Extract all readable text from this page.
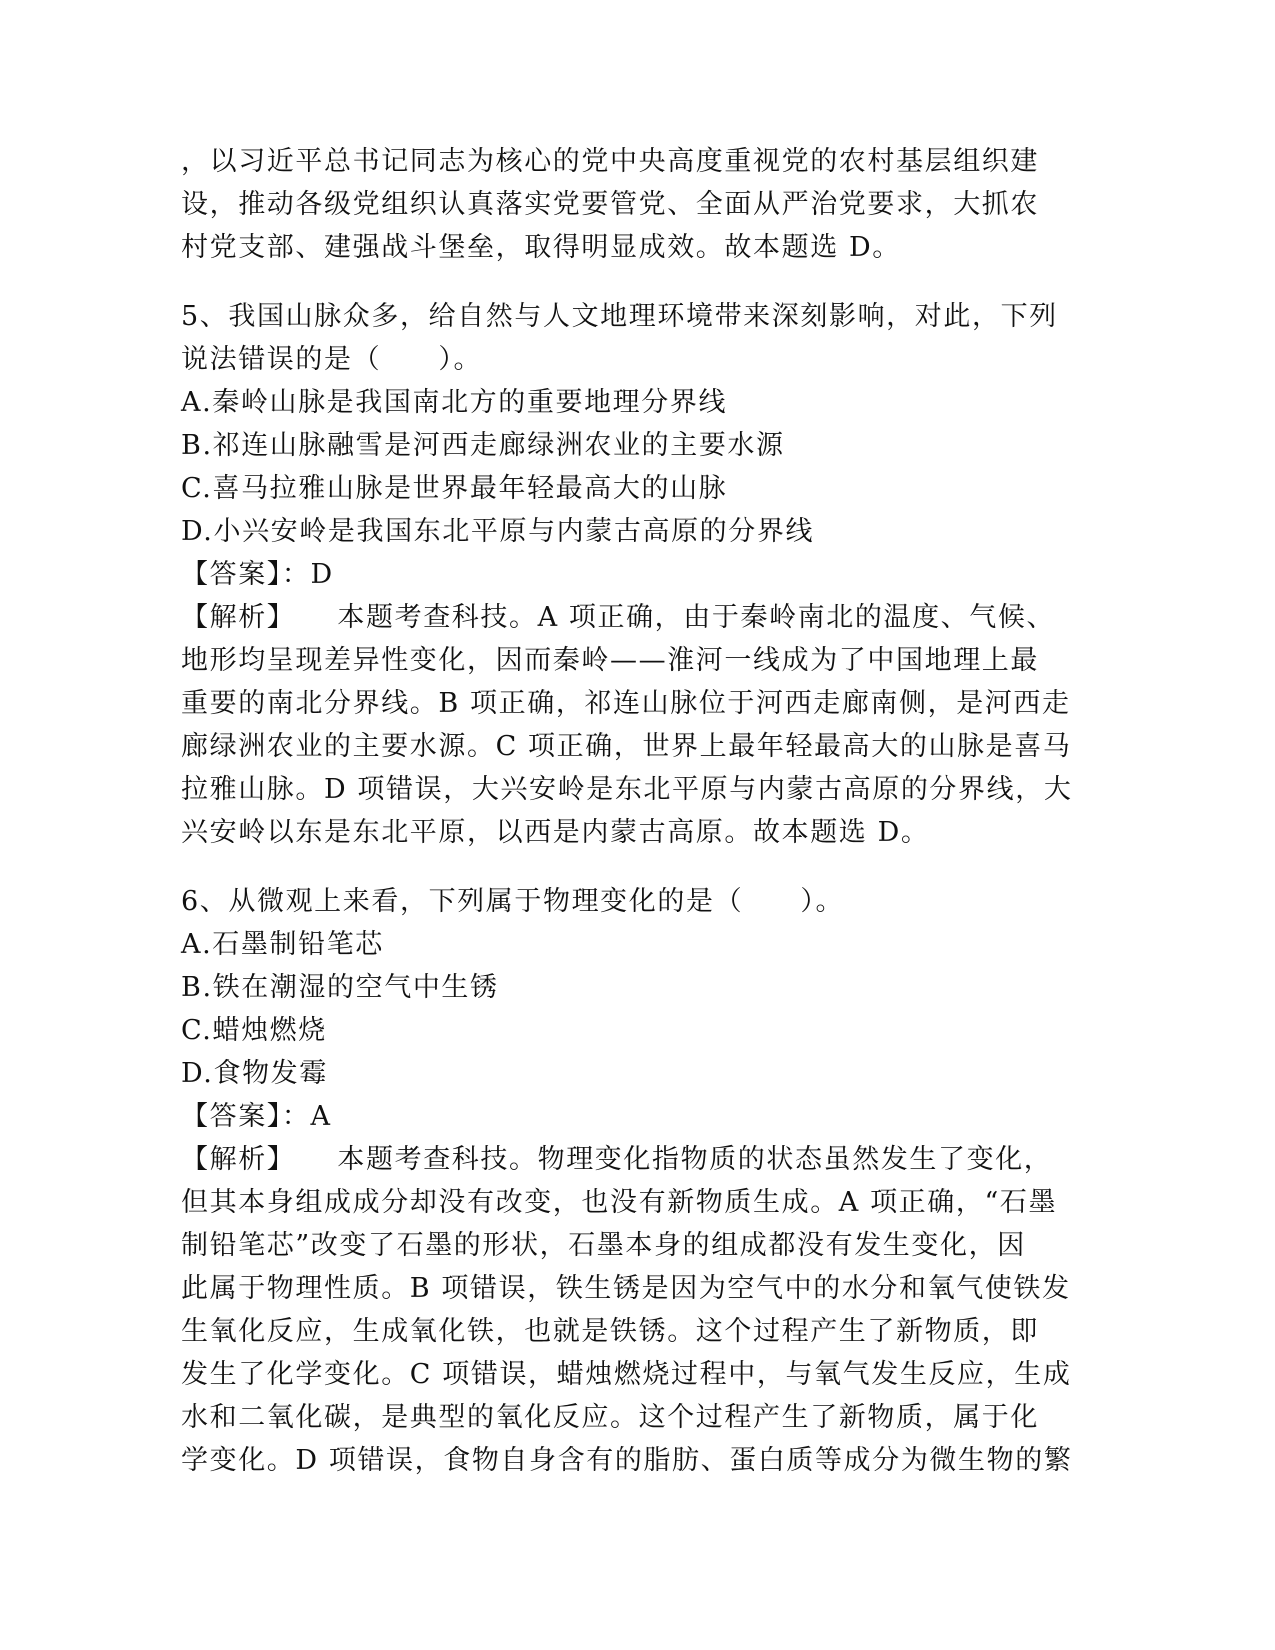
，以习近平总书记同志为核心的党中央高度重视党的农村基层组织建
设，推动各级党组织认真落实党要管党、全面从严治党要求，大抓农
村党支部、建强战斗堡垒，取得明显成效。故本题选 D。
5、我国山脉众多，给自然与人文地理环境带来深刻影响，对此，下列
说法错误的是（　　）。
A.秦岭山脉是我国南北方的重要地理分界线
B.祁连山脉融雪是河西走廊绿洲农业的主要水源
C.喜马拉雅山脉是世界最年轻最高大的山脉
D.小兴安岭是我国东北平原与内蒙古高原的分界线
【答案】：D
【解析】 本题考查科技。A 项正确，由于秦岭南北的温度、气候、
地形均呈现差异性变化，因而秦岭——淮河一线成为了中国地理上最
重要的南北分界线。B 项正确，祁连山脉位于河西走廊南侧，是河西走
廊绿洲农业的主要水源。C 项正确，世界上最年轻最高大的山脉是喜马
拉雅山脉。D 项错误，大兴安岭是东北平原与内蒙古高原的分界线，大
兴安岭以东是东北平原，以西是内蒙古高原。故本题选 D。
6、从微观上来看，下列属于物理变化的是（　　）。
A.石墨制铅笔芯
B.铁在潮湿的空气中生锈
C.蜡烛燃烧
D.食物发霉
【答案】：A
【解析】 本题考查科技。物理变化指物质的状态虽然发生了变化，
但其本身组成成分却没有改变，也没有新物质生成。A 项正确，“石墨
制铅笔芯”改变了石墨的形状，石墨本身的组成都没有发生变化，因
此属于物理性质。B 项错误，铁生锈是因为空气中的水分和氧气使铁发
生氧化反应，生成氧化铁，也就是铁锈。这个过程产生了新物质，即
发生了化学变化。C 项错误，蜡烛燃烧过程中，与氧气发生反应，生成
水和二氧化碳，是典型的氧化反应。这个过程产生了新物质，属于化
学变化。D 项错误，食物自身含有的脂肪、蛋白质等成分为微生物的繁
